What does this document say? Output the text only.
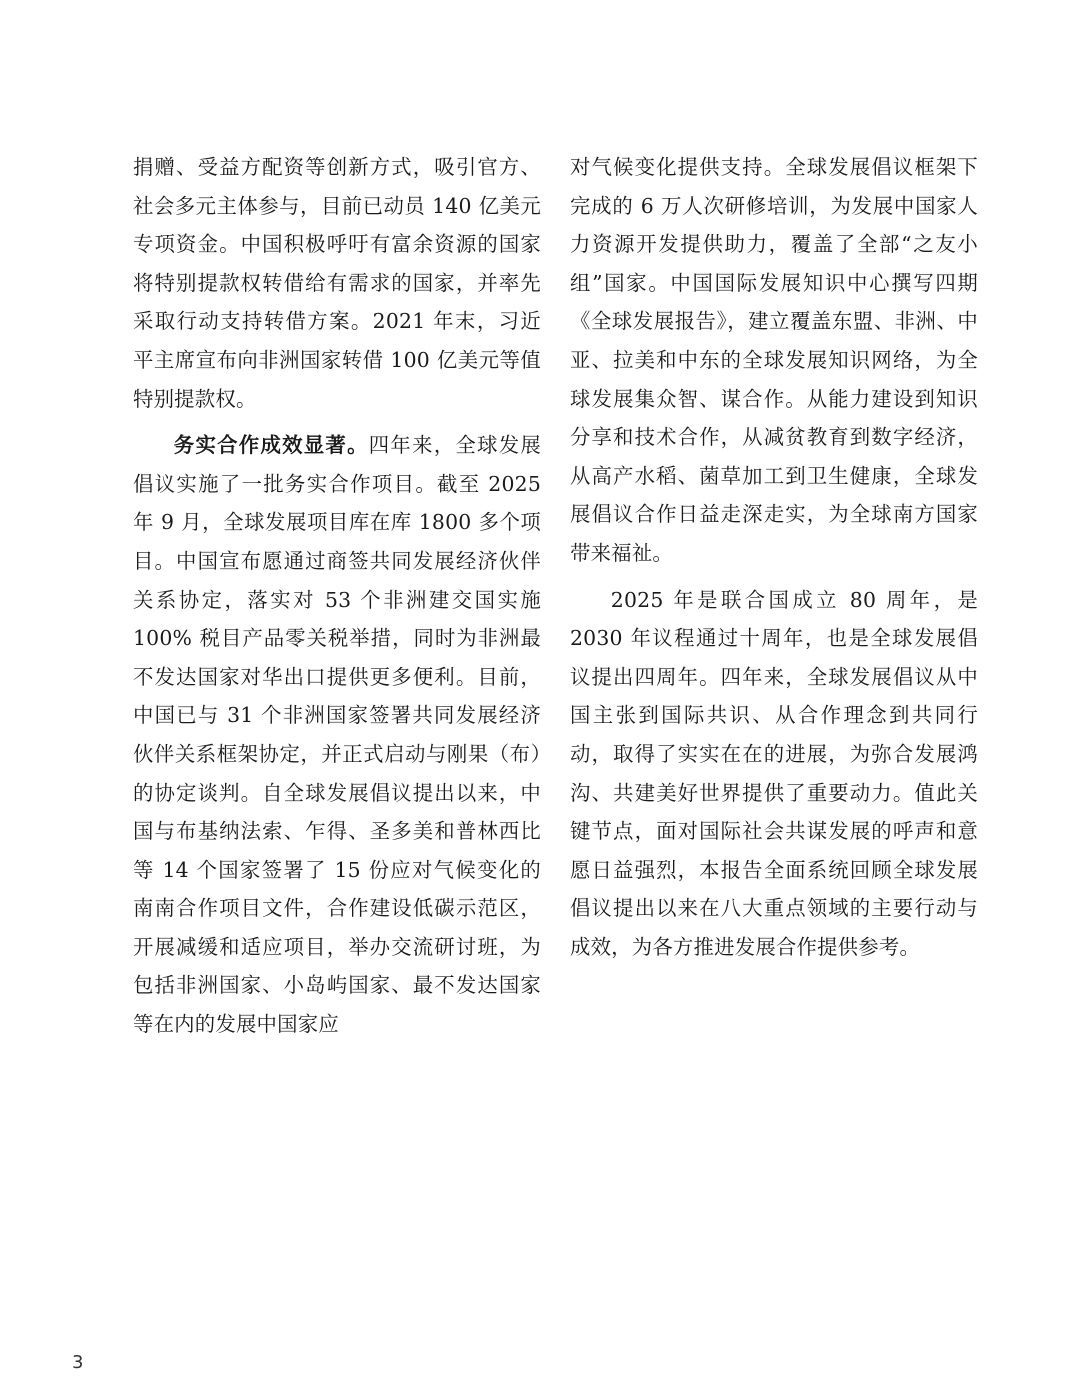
捐赠、受益方配资等创新方式，吸引官方、社会多元主体参与，目前已动员 140 亿美元专项资金。中国积极呼吁有富余资源的国家将特别提款权转借给有需求的国家，并率先采取行动支持转借方案。2021 年末，习近平主席宣布向非洲国家转借 100 亿美元等值特别提款权。

务实合作成效显著。四年来，全球发展倡议实施了一批务实合作项目。截至 2025 年 9 月，全球发展项目库在库 1800 多个项目。中国宣布愿通过商签共同发展经济伙伴关系协定，落实对 53 个非洲建交国实施 100% 税目产品零关税举措，同时为非洲最不发达国家对华出口提供更多便利。目前，中国已与 31 个非洲国家签署共同发展经济伙伴关系框架协定，并正式启动与刚果（布）的协定谈判。自全球发展倡议提出以来，中国与布基纳法索、乍得、圣多美和普林西比等 14 个国家签署了 15 份应对气候变化的南南合作项目文件，合作建设低碳示范区，开展减缓和适应项目，举办交流研讨班，为包括非洲国家、小岛屿国家、最不发达国家等在内的发展中国家应

对气候变化提供支持。全球发展倡议框架下完成的 6 万人次研修培训，为发展中国家人力资源开发提供助力，覆盖了全部“之友小组”国家。中国国际发展知识中心撰写四期《全球发展报告》，建立覆盖东盟、非洲、中亚、拉美和中东的全球发展知识网络，为全球发展集众智、谋合作。从能力建设到知识分享和技术合作，从减贫教育到数字经济，从高产水稻、菌草加工到卫生健康，全球发展倡议合作日益走深走实，为全球南方国家带来福祉。

2025 年是联合国成立 80 周年，是 2030 年议程通过十周年，也是全球发展倡议提出四周年。四年来，全球发展倡议从中国主张到国际共识、从合作理念到共同行动，取得了实实在在的进展，为弥合发展鸿沟、共建美好世界提供了重要动力。值此关键节点，面对国际社会共谋发展的呼声和意愿日益强烈，本报告全面系统回顾全球发展倡议提出以来在八大重点领域的主要行动与成效，为各方推进发展合作提供参考。

3
